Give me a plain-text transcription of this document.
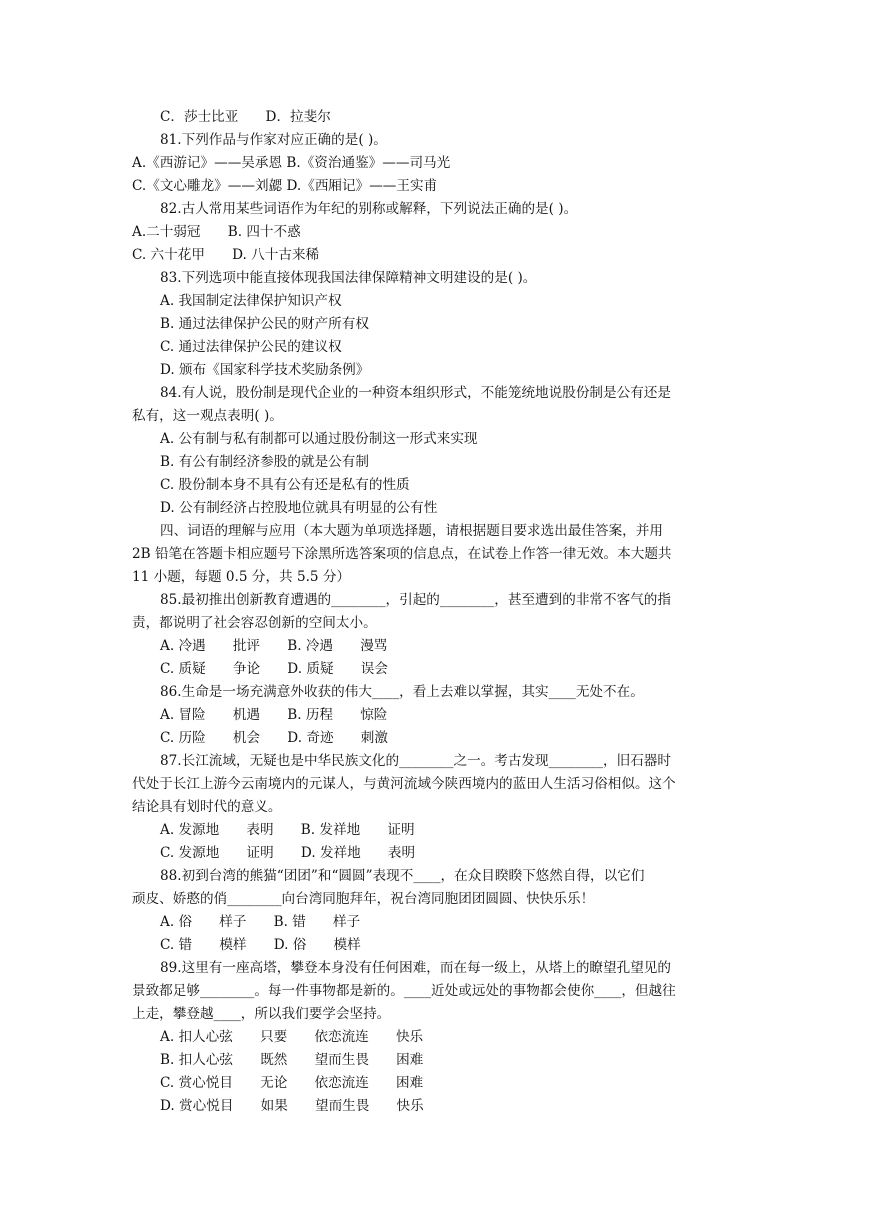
C．莎士比亚　　D．拉斐尔
81.下列作品与作家对应正确的是( )。
A.《西游记》——吴承恩 B.《资治通鉴》——司马光
C.《文心雕龙》——刘勰 D.《西厢记》——王实甫
82.古人常用某些词语作为年纪的别称或解释，下列说法正确的是( )。
A.二十弱冠　　B. 四十不惑
C. 六十花甲　　D. 八十古来稀
83.下列选项中能直接体现我国法律保障精神文明建设的是( )。
A. 我国制定法律保护知识产权
B. 通过法律保护公民的财产所有权
C. 通过法律保护公民的建议权
D. 颁布《国家科学技术奖励条例》
84.有人说，股份制是现代企业的一种资本组织形式，不能笼统地说股份制是公有还是
私有，这一观点表明( )。
A. 公有制与私有制都可以通过股份制这一形式来实现
B. 有公有制经济参股的就是公有制
C. 股份制本身不具有公有还是私有的性质
D. 公有制经济占控股地位就具有明显的公有性
四、词语的理解与应用（本大题为单项选择题，请根据题目要求选出最佳答案，并用
2B 铅笔在答题卡相应题号下涂黑所选答案项的信息点，在试卷上作答一律无效。本大题共
11 小题，每题 0.5 分，共 5.5 分）
85.最初推出创新教育遭遇的________，引起的________，甚至遭到的非常不客气的指
责，都说明了社会容忍创新的空间太小。
A. 冷遇　　批评　　B. 冷遇　　漫骂
C. 质疑　　争论　　D. 质疑　　误会
86.生命是一场充满意外收获的伟大____，看上去难以掌握，其实____无处不在。
A. 冒险　　机遇　　B. 历程　　惊险
C. 历险　　机会　　D. 奇迹　　刺激
87.长江流域，无疑也是中华民族文化的________之一。考古发现________，旧石器时
代处于长江上游今云南境内的元谋人，与黄河流域今陕西境内的蓝田人生活习俗相似。这个
结论具有划时代的意义。
A. 发源地　　表明　　B. 发祥地　　证明
C. 发源地　　证明　　D. 发祥地　　表明
88.初到台湾的熊猫“团团”和“圆圆”表现不____，在众目睽睽下悠然自得，以它们
顽皮、娇憨的俏________向台湾同胞拜年，祝台湾同胞团团圆圆、快快乐乐！
A. 俗　　样子　　B. 错　　样子
C. 错　　模样　　D. 俗　　模样
89.这里有一座高塔，攀登本身没有任何困难，而在每一级上，从塔上的瞭望孔望见的
景致都足够________。每一件事物都是新的。____近处或远处的事物都会使你____，但越往
上走，攀登越____，所以我们要学会坚持。
A. 扣人心弦　　只要　　依恋流连　　快乐
B. 扣人心弦　　既然　　望而生畏　　困难
C. 赏心悦目　　无论　　依恋流连　　困难
D. 赏心悦目　　如果　　望而生畏　　快乐
